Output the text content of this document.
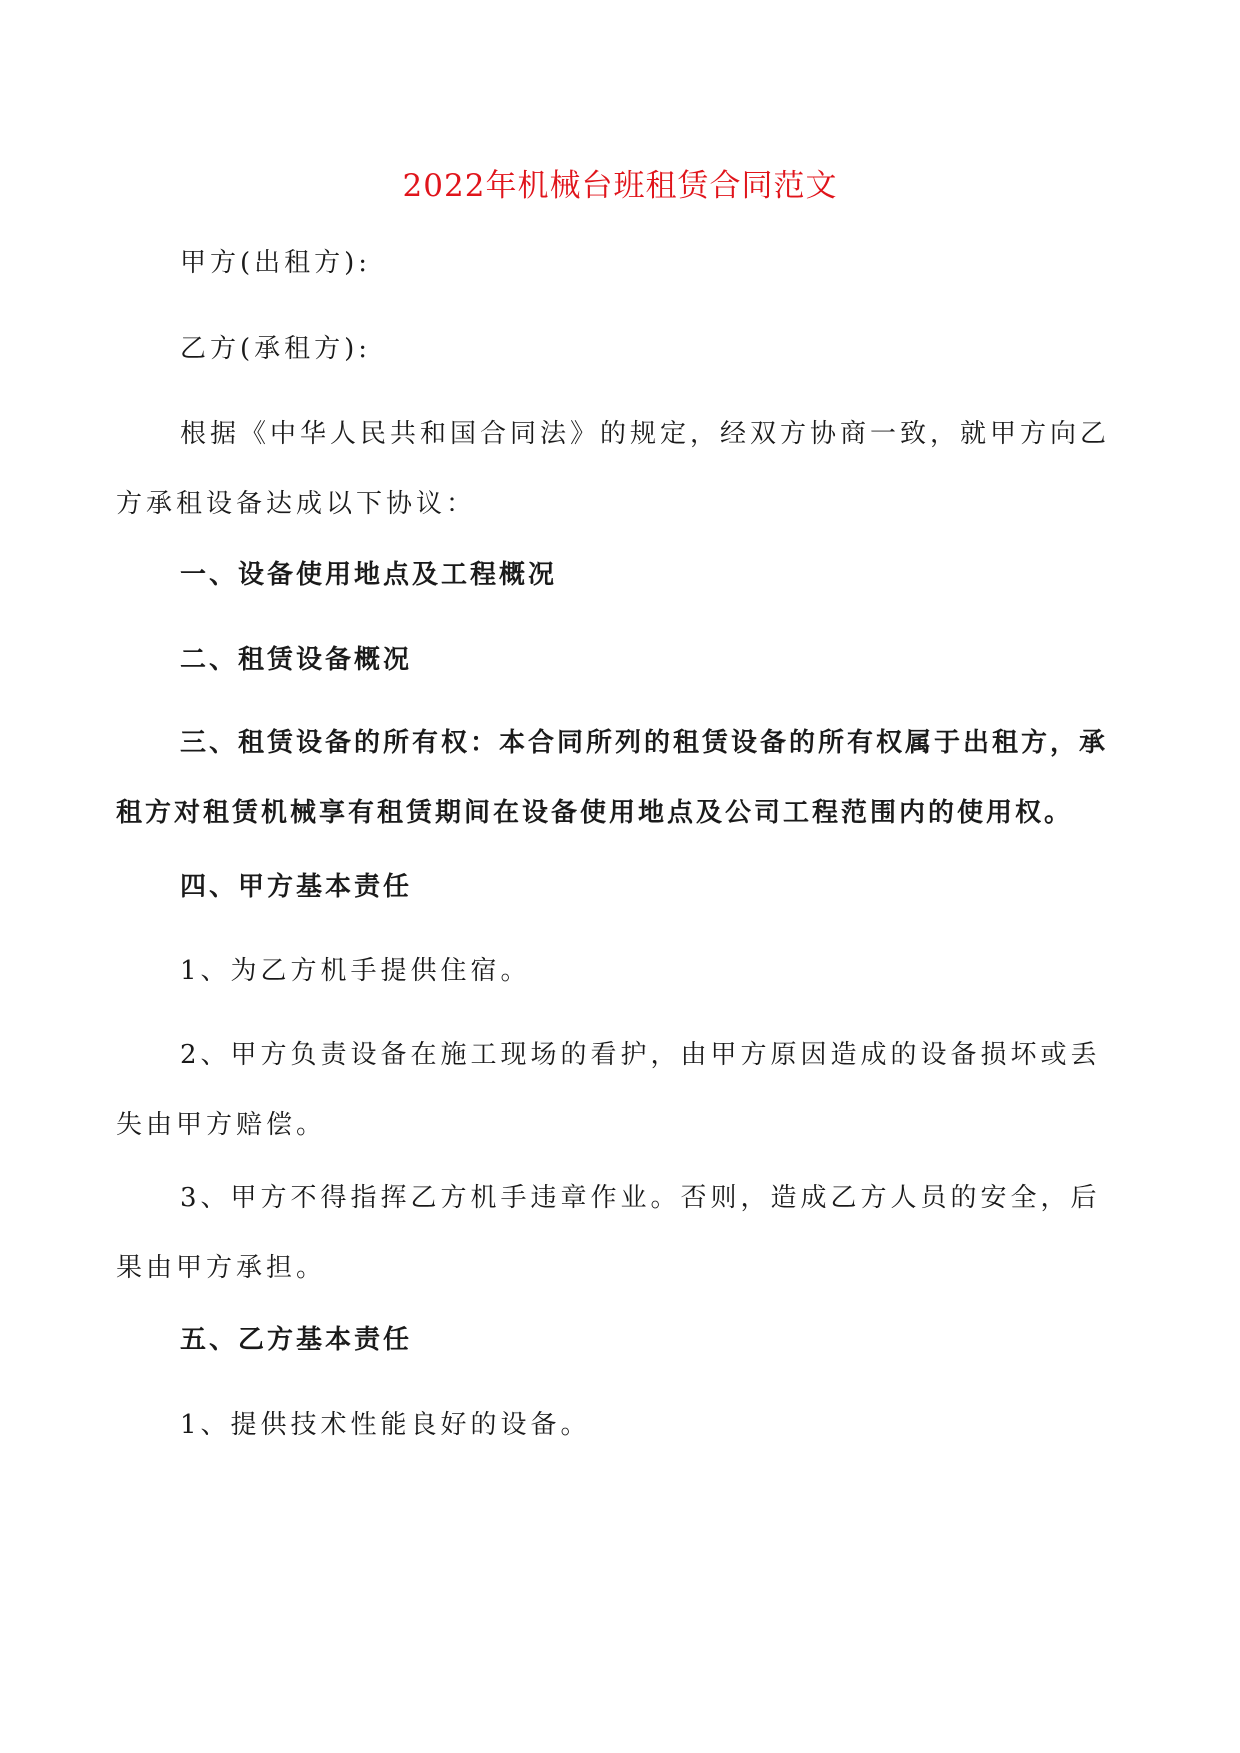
2022年机械台班租赁合同范文
甲方(出租方):
乙方(承租方):
根据《中华人民共和国合同法》的规定，经双方协商一致，就甲方向乙方承租设备达成以下协议：
一、设备使用地点及工程概况
二、租赁设备概况
三、租赁设备的所有权：本合同所列的租赁设备的所有权属于出租方，承租方对租赁机械享有租赁期间在设备使用地点及公司工程范围内的使用权。
四、甲方基本责任
1、为乙方机手提供住宿。
2、甲方负责设备在施工现场的看护，由甲方原因造成的设备损坏或丢失由甲方赔偿。
3、甲方不得指挥乙方机手违章作业。否则，造成乙方人员的安全，后果由甲方承担。
五、乙方基本责任
1、提供技术性能良好的设备。
